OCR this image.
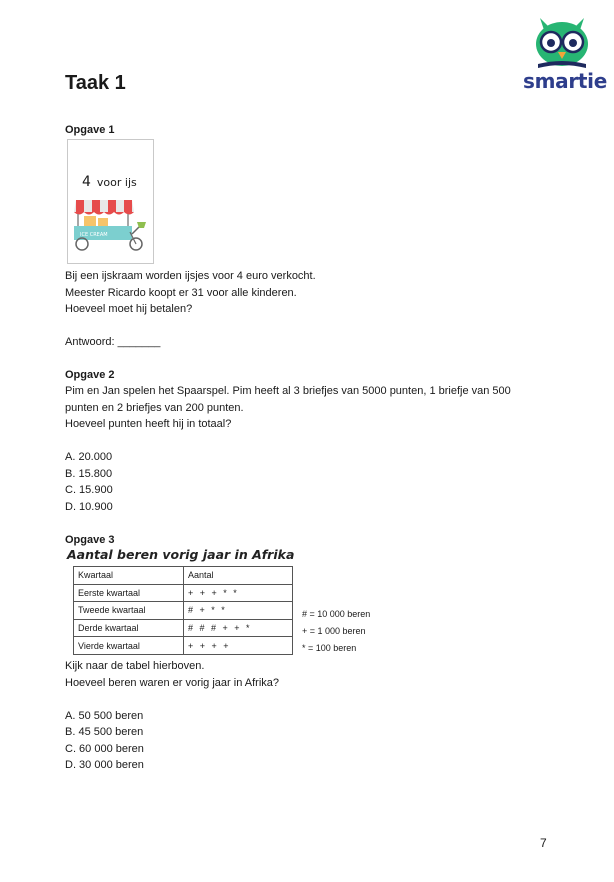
smartie
Taak 1
Opgave 1
4 voor ijs
ICE CREAM
Bij een ijskraam worden ijsjes voor 4 euro verkocht.
Meester Ricardo koopt er 31 voor alle kinderen.
Hoeveel moet hij betalen?
Antwoord: _______
Opgave 2
Pim en Jan spelen het Spaarspel. Pim heeft al 3 briefjes van 5000 punten, 1 briefje van 500
punten en 2 briefjes van 200 punten.
Hoeveel punten heeft hij in totaal?
A. 20.000
B. 15.800
C. 15.900
D. 10.900
Opgave 3
Aantal beren vorig jaar in Afrika
Kwartaal	Aantal
Eerste kwartaal	+ + + * *
Tweede kwartaal	# + * *
Derde kwartaal	# # # + + *
Vierde kwartaal	+ + + +
# = 10 000 beren
+ = 1 000 beren
* = 100 beren
Kijk naar de tabel hierboven.
Hoeveel beren waren er vorig jaar in Afrika?
A. 50 500 beren
B. 45 500 beren
C. 60 000 beren
D. 30 000 beren
7
